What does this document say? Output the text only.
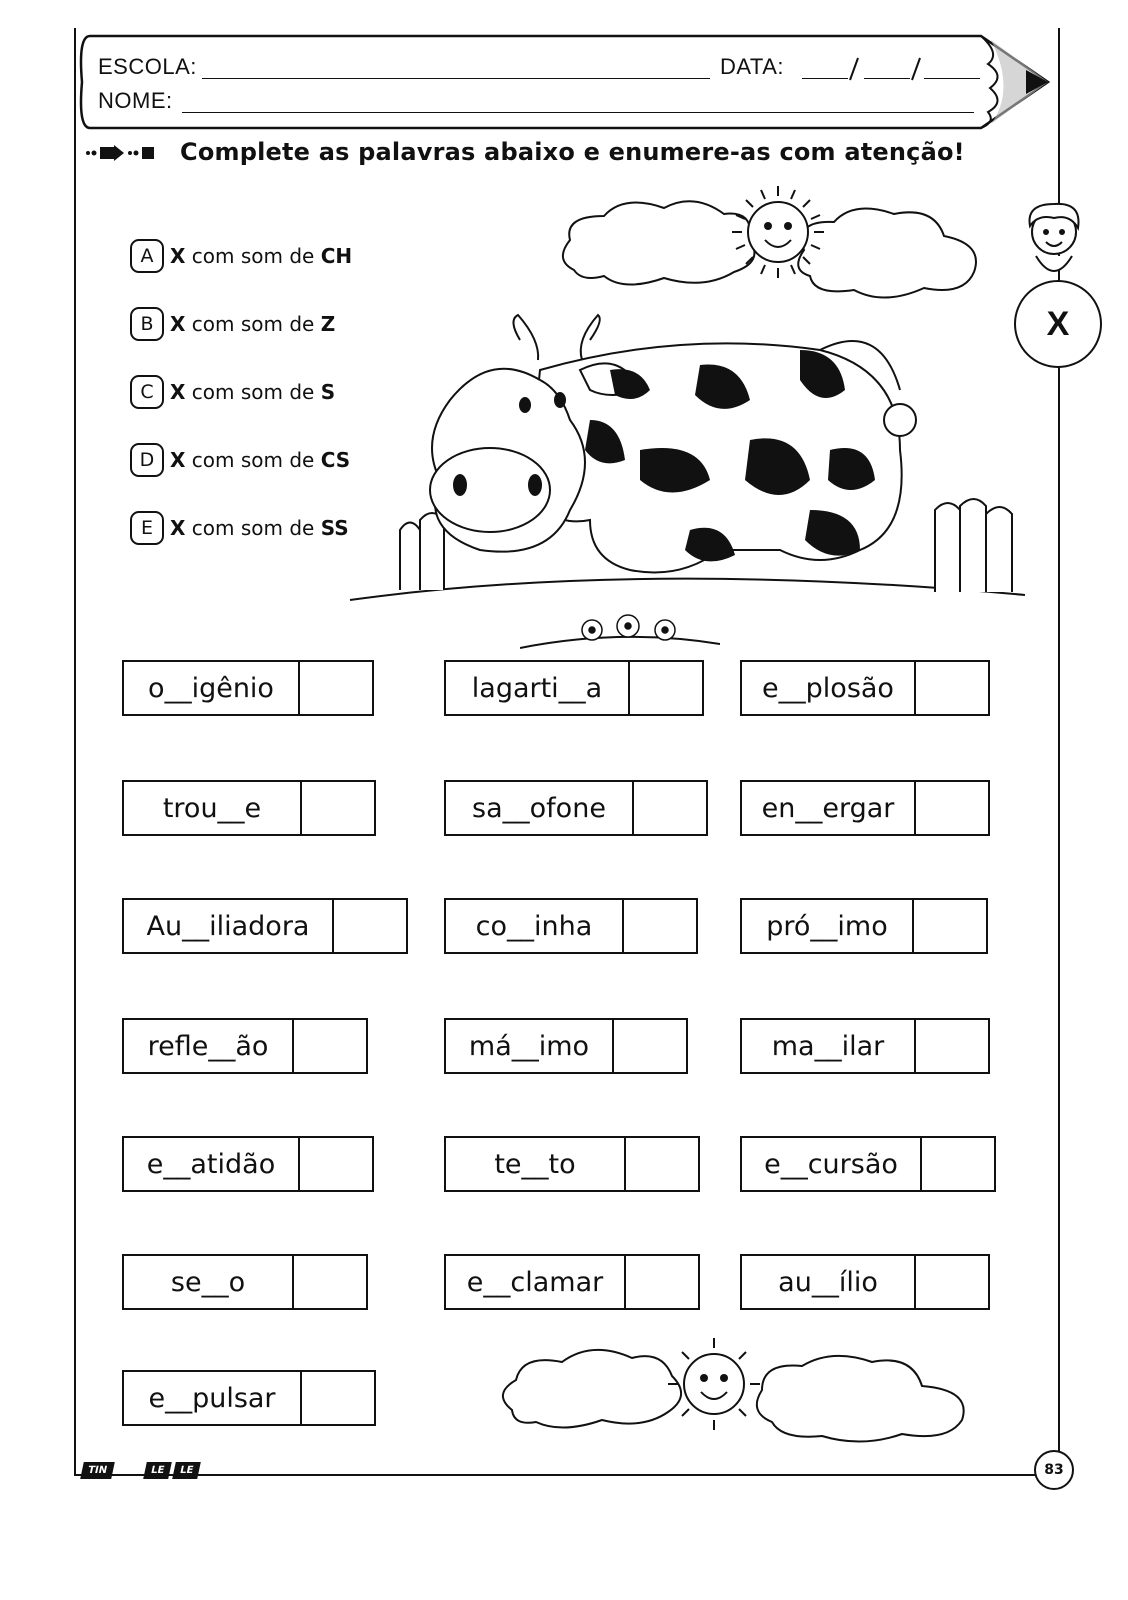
ESCOLA:	DATA:
NOME:
Complete as palavras abaixo e enumere-as com atenção!
A X com som de CH
B X com som de Z
C X com som de S
D X com som de CS
E X com som de SS
X
o__igênio	lagarti__a	e__plosão
trou__e	sa__ofone	en__ergar
Au__iliadora	co__inha	pró__imo
refle__ão	má__imo	ma__ilar
e__atidão	te__to	e__cursão
se__o	e__clamar	au__ílio
e__pulsar
TIN	LE	LE	83
